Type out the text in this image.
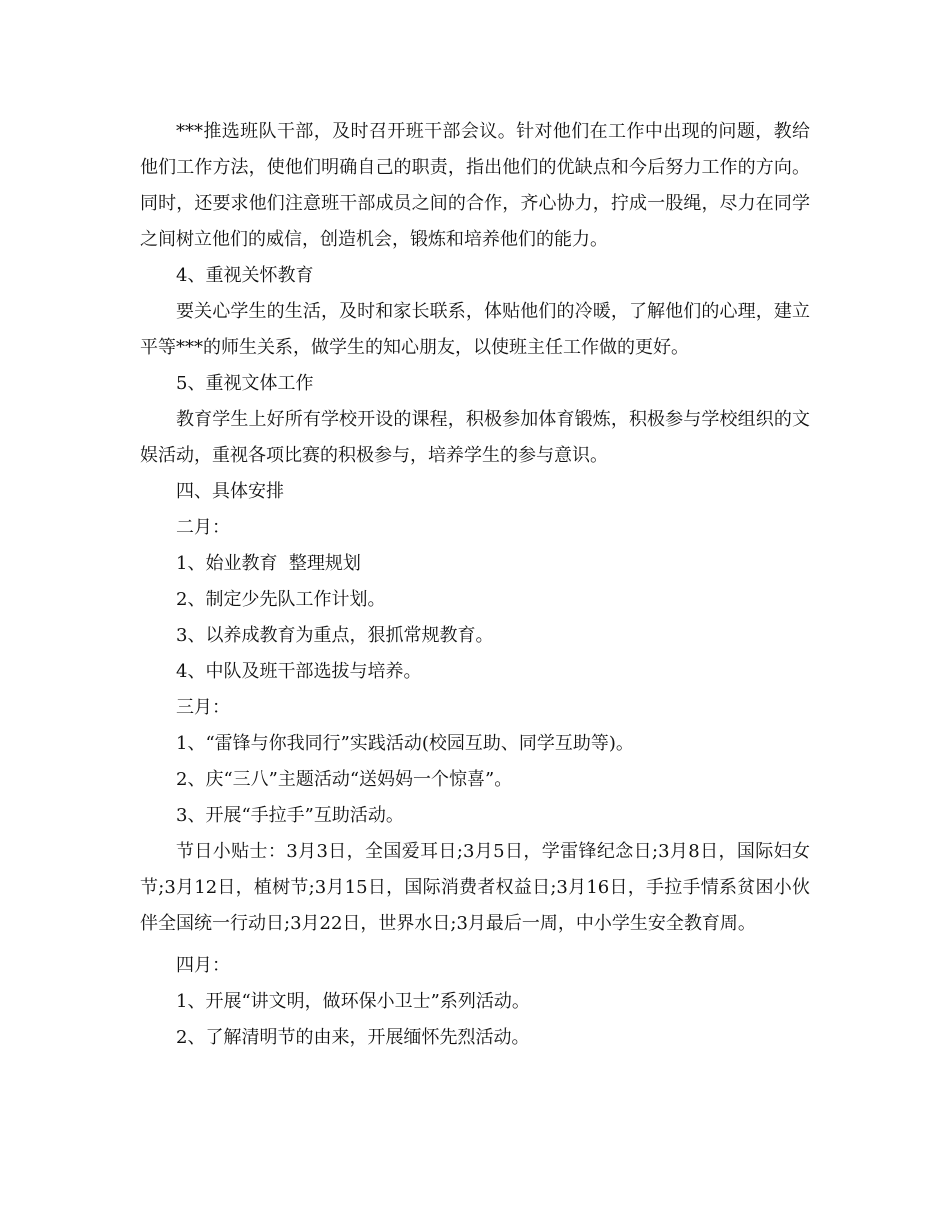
***推选班队干部，及时召开班干部会议。针对他们在工作中出现的问题，教给他们工作方法，使他们明确自己的职责，指出他们的优缺点和今后努力工作的方向。同时，还要求他们注意班干部成员之间的合作，齐心协力，拧成一股绳，尽力在同学之间树立他们的威信，创造机会，锻炼和培养他们的能力。

4、重视关怀教育

要关心学生的生活，及时和家长联系，体贴他们的冷暖，了解他们的心理，建立平等***的师生关系，做学生的知心朋友，以使班主任工作做的更好。

5、重视文体工作

教育学生上好所有学校开设的课程，积极参加体育锻炼，积极参与学校组织的文娱活动，重视各项比赛的积极参与，培养学生的参与意识。

四、具体安排

二月：

1、始业教育  整理规划

2、制定少先队工作计划。

3、以养成教育为重点，狠抓常规教育。

4、中队及班干部选拔与培养。

三月：

1、“雷锋与你我同行”实践活动(校园互助、同学互助等)。

2、庆“三八”主题活动“送妈妈一个惊喜”。

3、开展“手拉手”互助活动。

节日小贴士：3月3日，全国爱耳日;3月5日，学雷锋纪念日;3月8日，国际妇女节;3月12日，植树节;3月15日，国际消费者权益日;3月16日，手拉手情系贫困小伙伴全国统一行动日;3月22日，世界水日;3月最后一周，中小学生安全教育周。

四月：

1、开展“讲文明，做环保小卫士”系列活动。

2、了解清明节的由来，开展缅怀先烈活动。
